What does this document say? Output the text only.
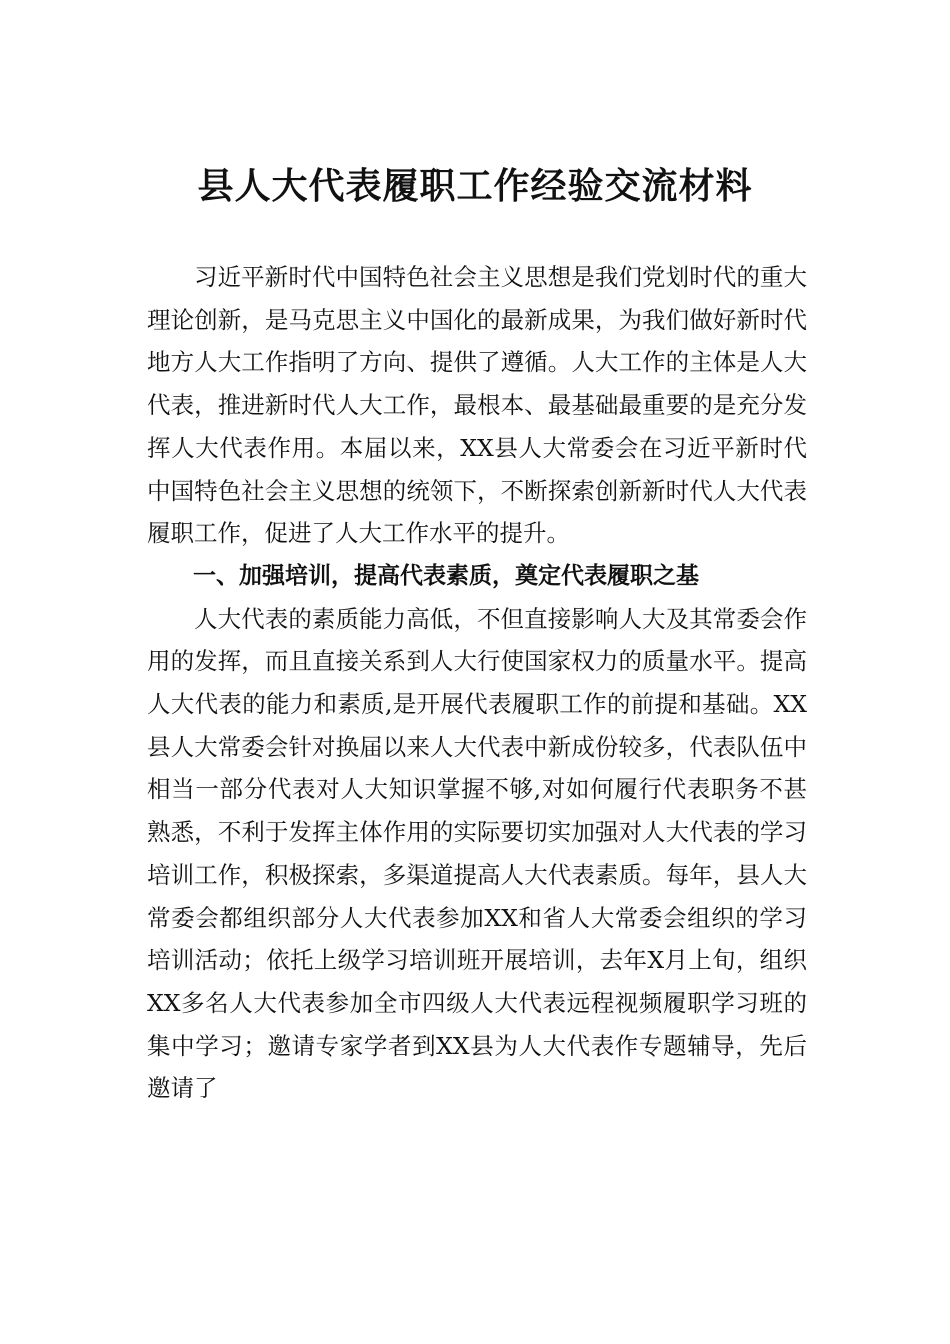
县人大代表履职工作经验交流材料

习近平新时代中国特色社会主义思想是我们党划时代的重大理论创新，是马克思主义中国化的最新成果，为我们做好新时代地方人大工作指明了方向、提供了遵循。人大工作的主体是人大代表，推进新时代人大工作，最根本、最基础最重要的是充分发挥人大代表作用。本届以来，XX县人大常委会在习近平新时代中国特色社会主义思想的统领下，不断探索创新新时代人大代表履职工作，促进了人大工作水平的提升。

一、加强培训，提高代表素质，奠定代表履职之基

人大代表的素质能力高低，不但直接影响人大及其常委会作用的发挥，而且直接关系到人大行使国家权力的质量水平。提高人大代表的能力和素质,是开展代表履职工作的前提和基础。XX县人大常委会针对换届以来人大代表中新成份较多，代表队伍中相当一部分代表对人大知识掌握不够,对如何履行代表职务不甚熟悉，不利于发挥主体作用的实际要切实加强对人大代表的学习培训工作，积极探索，多渠道提高人大代表素质。每年，县人大常委会都组织部分人大代表参加XX和省人大常委会组织的学习培训活动；依托上级学习培训班开展培训，去年X月上旬，组织XX多名人大代表参加全市四级人大代表远程视频履职学习班的集中学习；邀请专家学者到XX县为人大代表作专题辅导，先后邀请了
